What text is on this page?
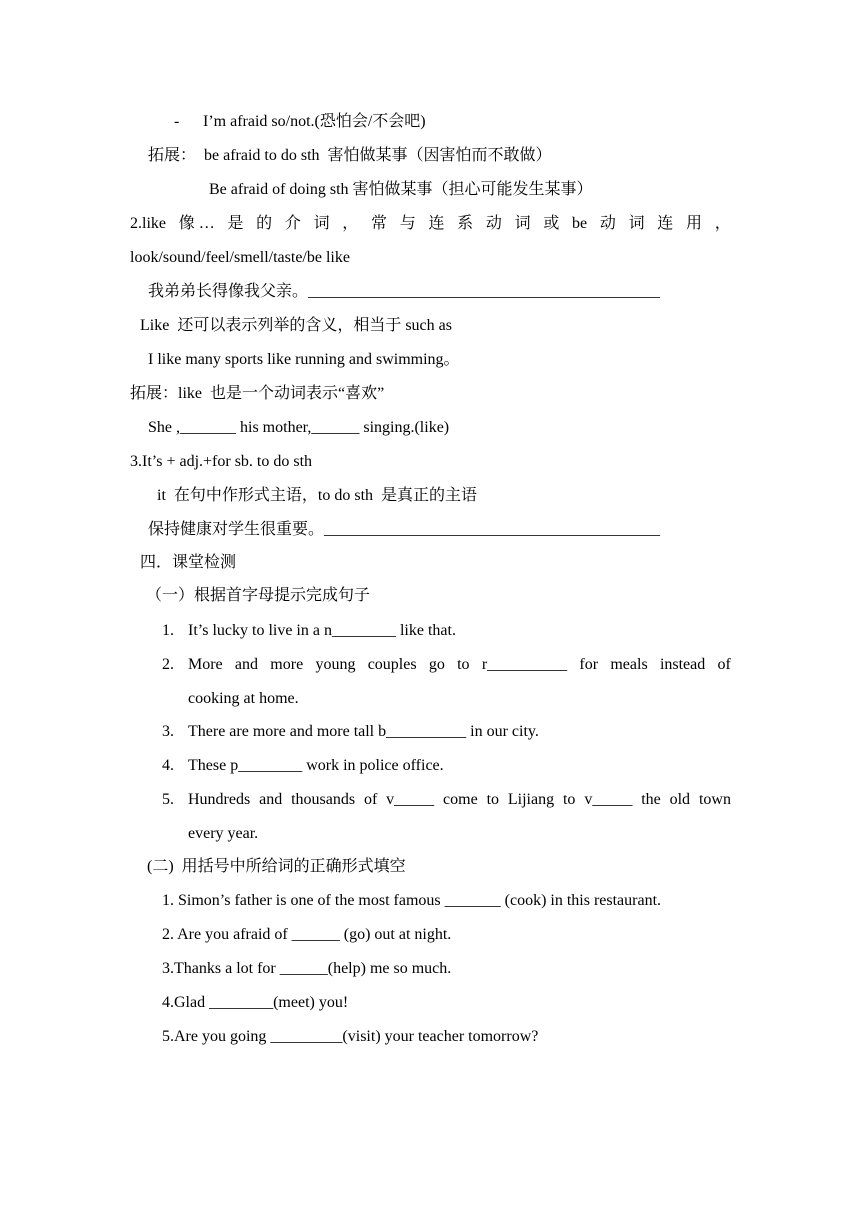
- I’m afraid so/not.(恐怕会/不会吧)
拓展：  be afraid to do sth  害怕做某事（因害怕而不敢做）
Be afraid of doing sth 害怕做某事（担心可能发生某事）
2.like 像 … 是 的 介 词 ， 常 与 连 系 动 词 或 be 动 词 连 用 ，
look/sound/feel/smell/taste/be like
我弟弟长得像我父亲。____________________________________________
Like  还可以表示列举的含义，相当于 such as
I like many sports like running and swimming。
拓展：like  也是一个动词表示“喜欢”
She ,_______ his mother,______ singing.(like)
3.It’s + adj.+for sb. to do sth
it  在句中作形式主语，to do sth  是真正的主语
保持健康对学生很重要。__________________________________________
四．课堂检测
（一）根据首字母提示完成句子
1. It’s lucky to live in a n________ like that.
2. More and more young couples go to r__________ for meals instead of
cooking at home.
3. There are more and more tall b__________ in our city.
4. These p________ work in police office.
5. Hundreds and thousands of v_____ come to Lijiang to v_____ the old town
every year.
(二)  用括号中所给词的正确形式填空
1. Simon’s father is one of the most famous _______ (cook) in this restaurant.
2. Are you afraid of ______ (go) out at night.
3.Thanks a lot for ______(help) me so much.
4.Glad ________(meet) you!
5.Are you going _________(visit) your teacher tomorrow?
